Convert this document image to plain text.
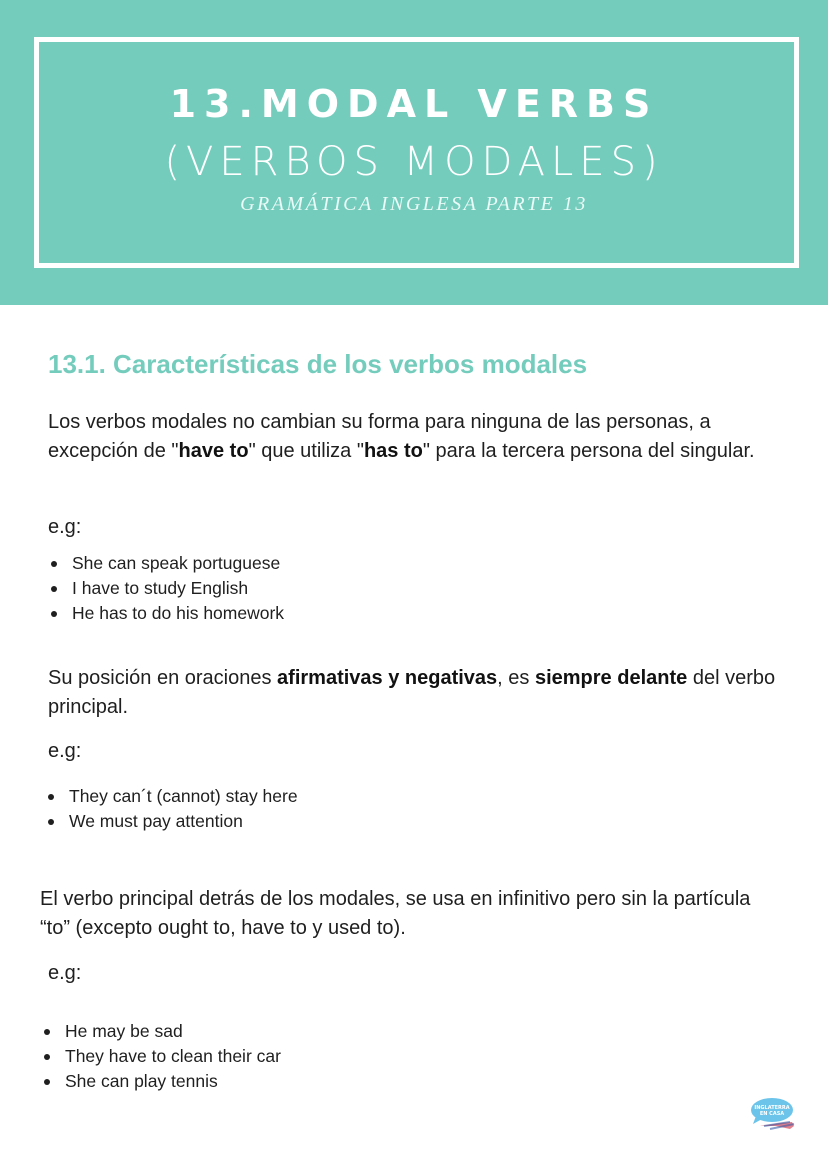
13.MODAL VERBS
(VERBOS MODALES)
GRAMÁTICA INGLESA PARTE 13
13.1. Características de los verbos modales

Los verbos modales no cambian su forma para ninguna de las personas, a excepción de "have to" que utiliza "has to" para la tercera persona del singular.

e.g:
She can speak portuguese
I have to study English
He has to do his homework

Su posición en oraciones afirmativas y negativas, es siempre delante del verbo principal.

e.g:
They can´t (cannot) stay here
We must pay attention

El verbo principal detrás de los modales, se usa en infinitivo pero sin la partícula “to” (excepto ought to, have to y used to).

e.g:
He may be sad
They have to clean their car
She can play tennis
INGLATERRA
EN CASA
